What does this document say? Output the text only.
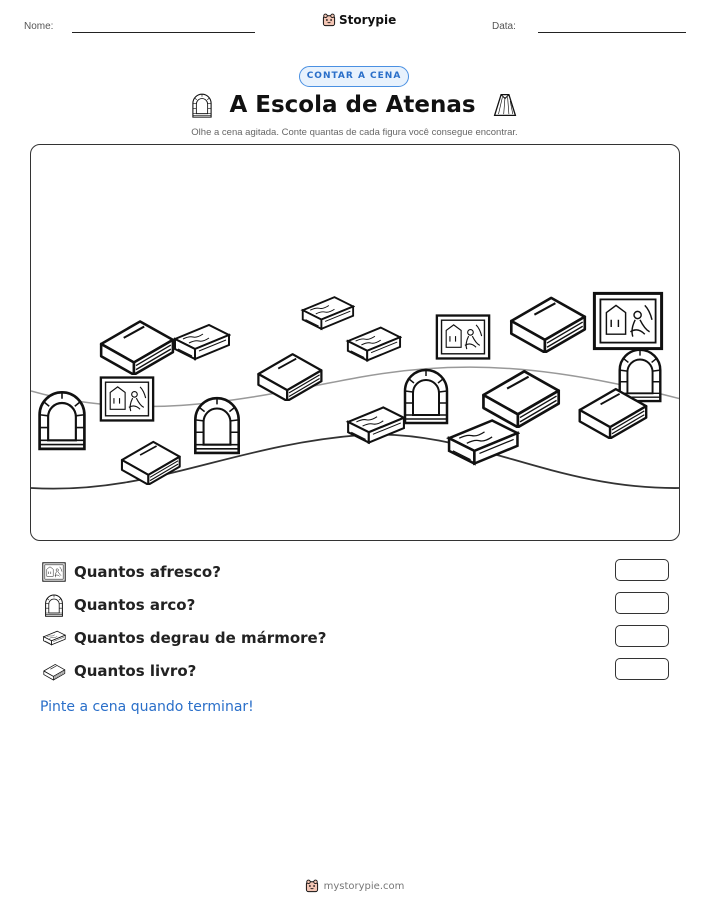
Nome:	Storypie	Data:
CONTAR A CENA
A Escola de Atenas
Olhe a cena agitada. Conte quantas de cada figura você consegue encontrar.
Quantos afresco?
Quantos arco?
Quantos degrau de mármore?
Quantos livro?
Pinte a cena quando terminar!
mystorypie.com
